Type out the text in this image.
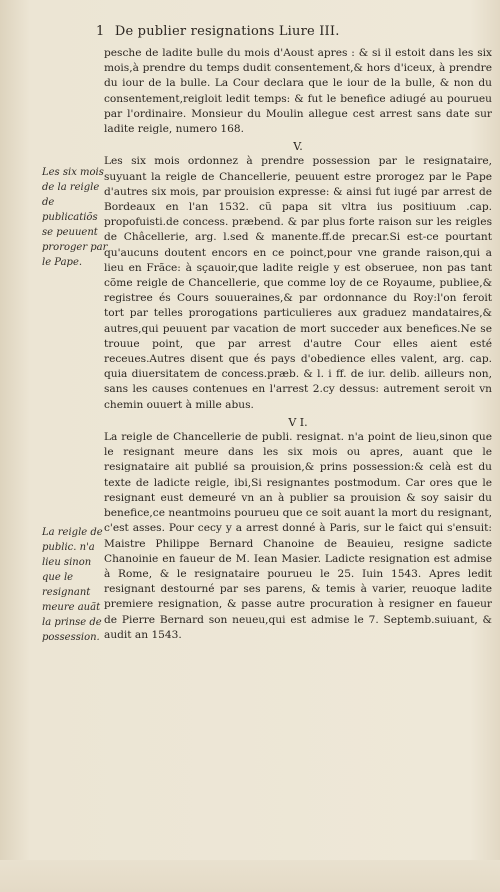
1 De publier resignations Liure III.
Les six mois de la reigle de publicatiõs se peuuent proroger par le Pape.
La reigle de public. n'a lieu sinon que le resignant meure auãt la prinse de possession.

pesche de ladite bulle du mois d'Aoust apres : & si il estoit dans les six mois,à prendre du temps dudit consentement,& hors d'iceux, à prendre du iour de la bulle. La Cour declara que le iour de la bulle, & non du consentement,reigloit ledit temps: & fut le benefice adiugé au pourueu par l'ordinaire. Monsieur du Moulin allegue cest arrest sans date sur ladite reigle, numero 168.

V.

Les six mois ordonnez à prendre possession par le resignataire, suyuant la reigle de Chancellerie, peuuent estre prorogez par le Pape d'autres six mois, par prouision expresse: & ainsi fut iugé par arrest de Bordeaux en l'an 1532. cũ papa sit vltra ius positiuum .cap. propofuisti.de concess. præbend. & par plus forte raison sur les reigles de Châcellerie, arg. l.sed & manente.ff.de precar.Si est-ce pourtant qu'aucuns doutent encors en ce poinct,pour vne grande raison,qui a lieu en Frãce: à sçauoir,que ladite reigle y est obseruee, non pas tant cõme reigle de Chancellerie, que comme loy de ce Royaume, publiee,& registree és Cours souueraines,& par ordonnance du Roy:l'on feroit tort par telles prorogations particulieres aux graduez mandataires,& autres,qui peuuent par vacation de mort succeder aux benefices.Ne se trouue point, que par arrest d'autre Cour elles aient esté receues.Autres disent que és pays d'obedience elles valent, arg. cap. quia diuersitatem de concess.præb. & l. i ff. de iur. delib. ailleurs non, sans les causes contenues en l'arrest 2.cy dessus: autrement seroit vn chemin ouuert à mille abus.

V I.

La reigle de Chancellerie de publi. resignat. n'a point de lieu,sinon que le resignant meure dans les six mois ou apres, auant que le resignataire ait publié sa prouision,& prins possession:& celà est du texte de ladicte reigle, ibi,Si resignantes postmodum. Car ores que le resignant eust demeuré vn an à publier sa prouision & soy saisir du benefice,ce neantmoins pourueu que ce soit auant la mort du resignant, c'est asses. Pour cecy y a arrest donné à Paris, sur le faict qui s'ensuit: Maistre Philippe Bernard Chanoine de Beauieu, resigne sadicte Chanoinie en faueur de M. Iean Masier. Ladicte resignation est admise à Rome, & le resignataire pourueu le 25. Iuin 1543. Apres ledit resignant destourné par ses parens, & temis à varier, reuoque ladite premiere resignation, & passe autre procuration à resigner en faueur de Pierre Bernard son neueu,qui est admise le 7. Septemb.suiuant, & audit an 1543.
